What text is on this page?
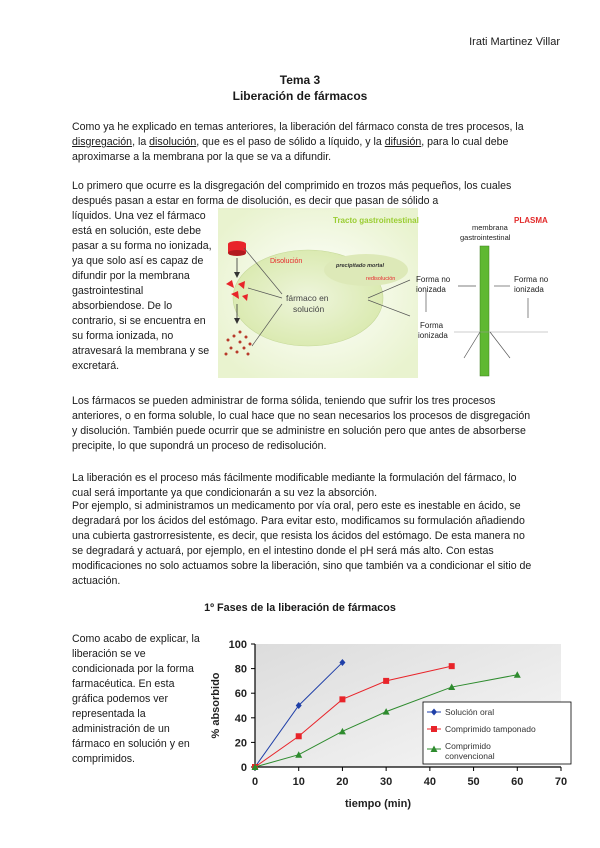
Irati Martinez Villar
Tema 3
Liberación de fármacos
Como ya he explicado en temas anteriores, la liberación del fármaco consta de tres procesos, la disgregación, la disolución, que es el paso de sólido a líquido, y la difusión, para lo cual debe aproximarse a la membrana por la que se va a difundir.
Lo primero que ocurre es la disgregación del comprimido en trozos más pequeños, los cuales después pasan a estar en forma de disolución, es decir que pasan de sólido a
líquidos. Una vez el fármaco está en solución, este debe pasar a su forma no ionizada, ya que solo así es capaz de difundir por la membrana gastrointestinal absorbiendose. De lo contrario, si se encuentra en su forma ionizada, no atravesará la membrana y se excretará.
Tracto gastrointestinal	PLASMA
Disolución
fármaco en
solución
precipitado mortal
redisolución	Forma no
ionizada
Forma
ionizada
membrana
gastrointestinal
Forma no
ionizada
Los fármacos se pueden administrar de forma sólida, teniendo que sufrir los tres procesos anteriores, o en forma soluble, lo cual hace que no sean necesarios los procesos de disgregación y disolución. También puede ocurrir que se administre en solución pero que antes de absorberse precipite, lo que supondrá un proceso de redisolución.
La liberación es el proceso más fácilmente modificable mediante la formulación del fármaco, lo cual será importante ya que condicionarán a su vez la absorción.
Por ejemplo, si administramos un medicamento por vía oral, pero este es inestable en ácido, se degradará por los ácidos del estómago. Para evitar esto, modificamos su formulación añadiendo una cubierta gastrorresistente, es decir, que resista los ácidos del estómago. De esta manera no se degradará y actuará, por ejemplo, en el intestino donde el pH será más alto. Con estas modificaciones no solo actuamos sobre la liberación, sino que también va a condicionar el sitio de actuación.
1º Fases de la liberación de fármacos
Como acabo de explicar, la liberación se ve condicionada por la forma farmacéutica. En esta gráfica podemos ver representada la administración de un fármaco en solución y en comprimidos.
0
20
40
60
80
100
0	10	20	30	40	50	60	70
tiempo (min)
% absorbido	Solución oral
Comprimido tamponado
Comprimido
convencional
